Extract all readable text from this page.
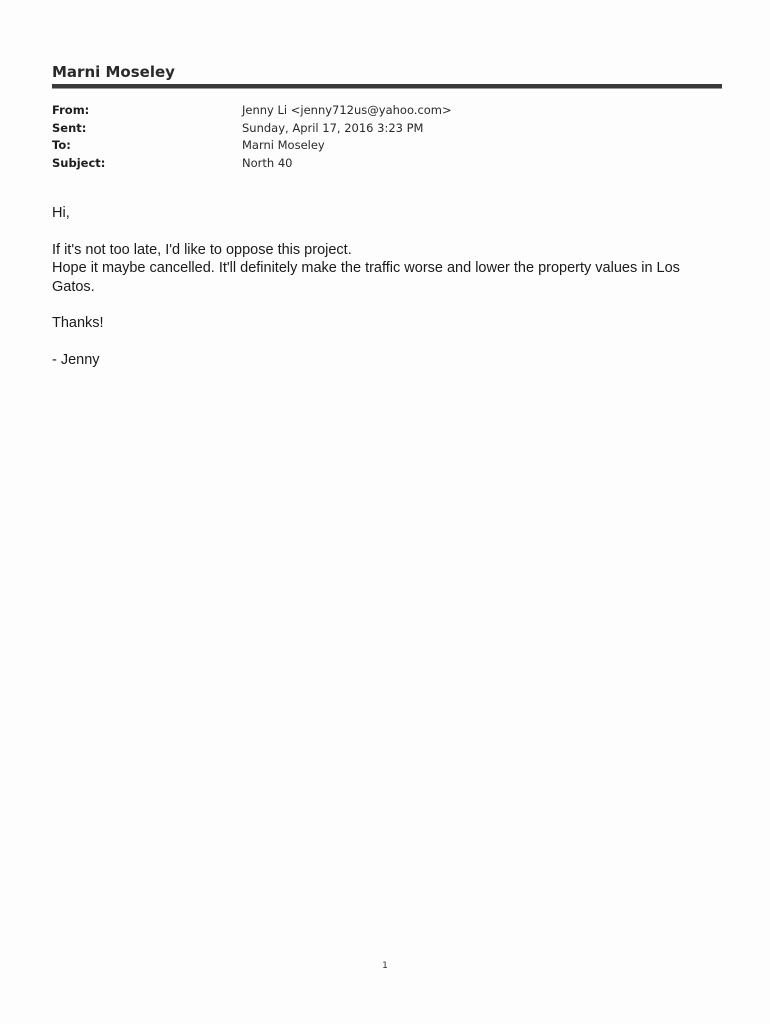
Marni Moseley
From:	Jenny Li <jenny712us@yahoo.com>
Sent:	Sunday, April 17, 2016 3:23 PM
To:	Marni Moseley
Subject:	North 40

Hi,

If it's not too late, I'd like to oppose this project.
Hope it maybe cancelled. It'll definitely make the traffic worse and lower the property values in Los Gatos.

Thanks!

- Jenny

1
